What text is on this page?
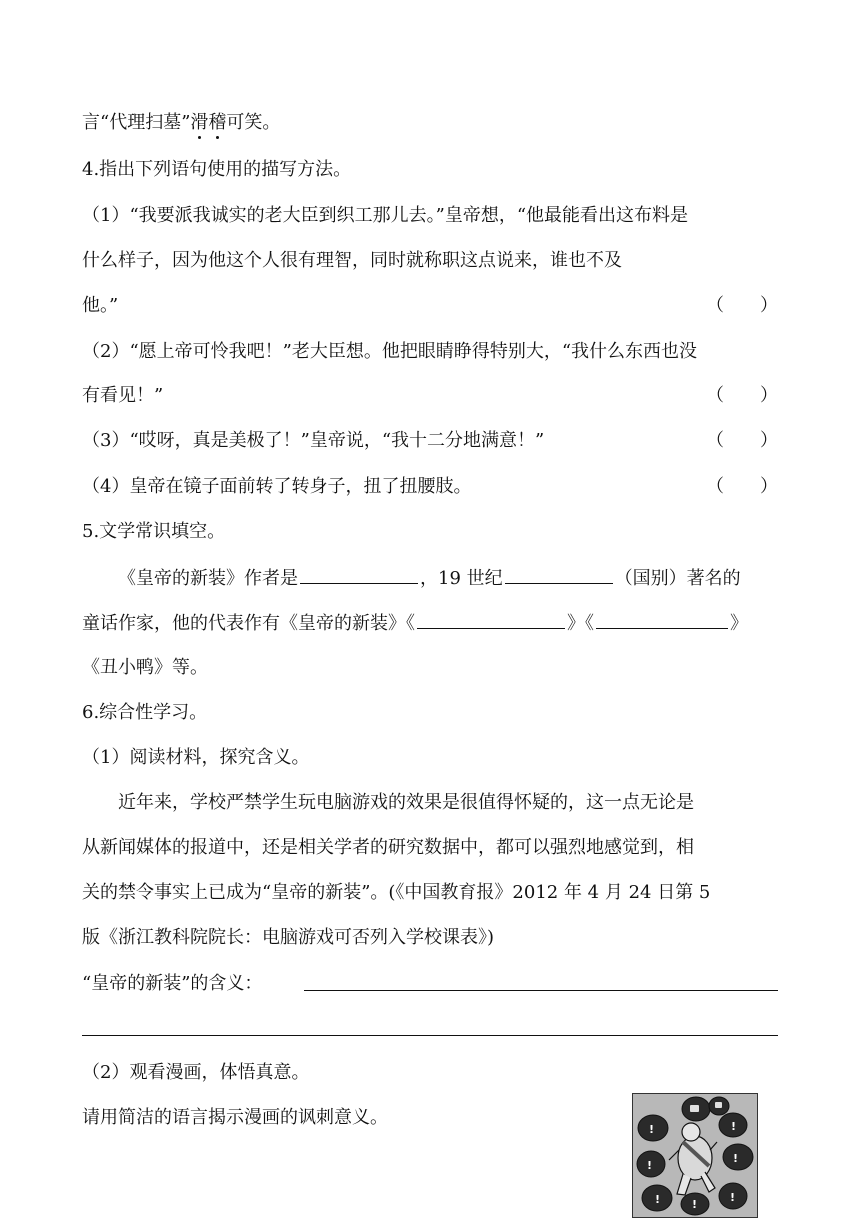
言“代理扫墓”滑稽可笑。
4.指出下列语句使用的描写方法。
（1）“我要派我诚实的老大臣到织工那儿去。”皇帝想，“他最能看出这布料是
什么样子，因为他这个人很有理智，同时就称职这点说来，谁也不及
他。”	（　　）
（2）“愿上帝可怜我吧！”老大臣想。他把眼睛睁得特别大，“我什么东西也没
有看见！”	（　　）
（3）“哎呀，真是美极了！”皇帝说，“我十二分地满意！”	（　　）
（4）皇帝在镜子面前转了转身子，扭了扭腰肢。	（　　）
5.文学常识填空。
《皇帝的新装》作者是	，19 世纪	（国别）著名的
童话作家，他的代表作有《皇帝的新装》《	》《	》
《丑小鸭》等。
6.综合性学习。
（1）阅读材料，探究含义。
近年来，学校严禁学生玩电脑游戏的效果是很值得怀疑的，这一点无论是
从新闻媒体的报道中，还是相关学者的研究数据中，都可以强烈地感觉到，相
关的禁令事实上已成为“皇帝的新装”。(《中国教育报》2012 年 4 月 24 日第 5
版《浙江教科院院长：电脑游戏可否列入学校课表》)
“皇帝的新装”的含义：
（2）观看漫画，体悟真意。
请用简洁的语言揭示漫画的讽刺意义。
!	!
!
!	!
!
!
